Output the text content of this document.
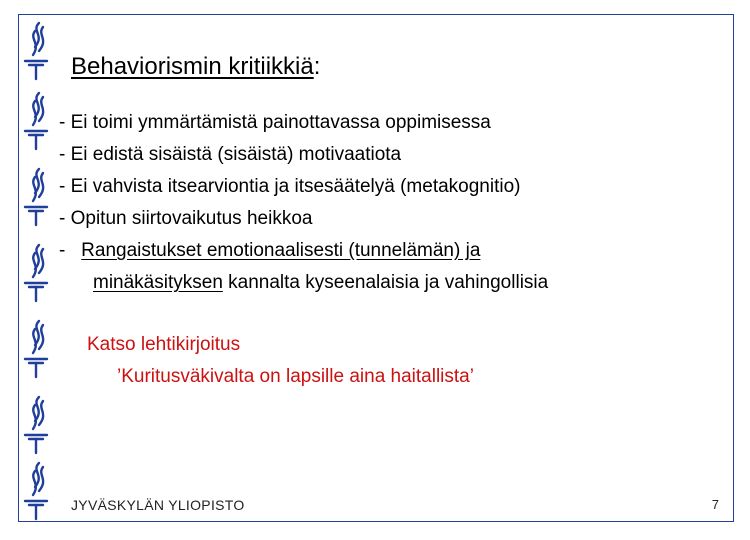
Behaviorismin kritiikkiä:
- Ei toimi ymmärtämistä painottavassa oppimisessa
- Ei edistä sisäistä (sisäistä) motivaatiota
- Ei vahvista itsearviontia ja itsesäätelyä (metakognitio)
- Opitun siirtovaikutus heikkoa
- Rangaistukset emotionaalisesti (tunnelämän) ja
minäkäsityksen kannalta kyseenalaisia ja vahingollisia
Katso lehtikirjoitus
’Kuritusväkivalta on lapsille aina haitallista’
JYVÄSKYLÄN YLIOPISTO	7
